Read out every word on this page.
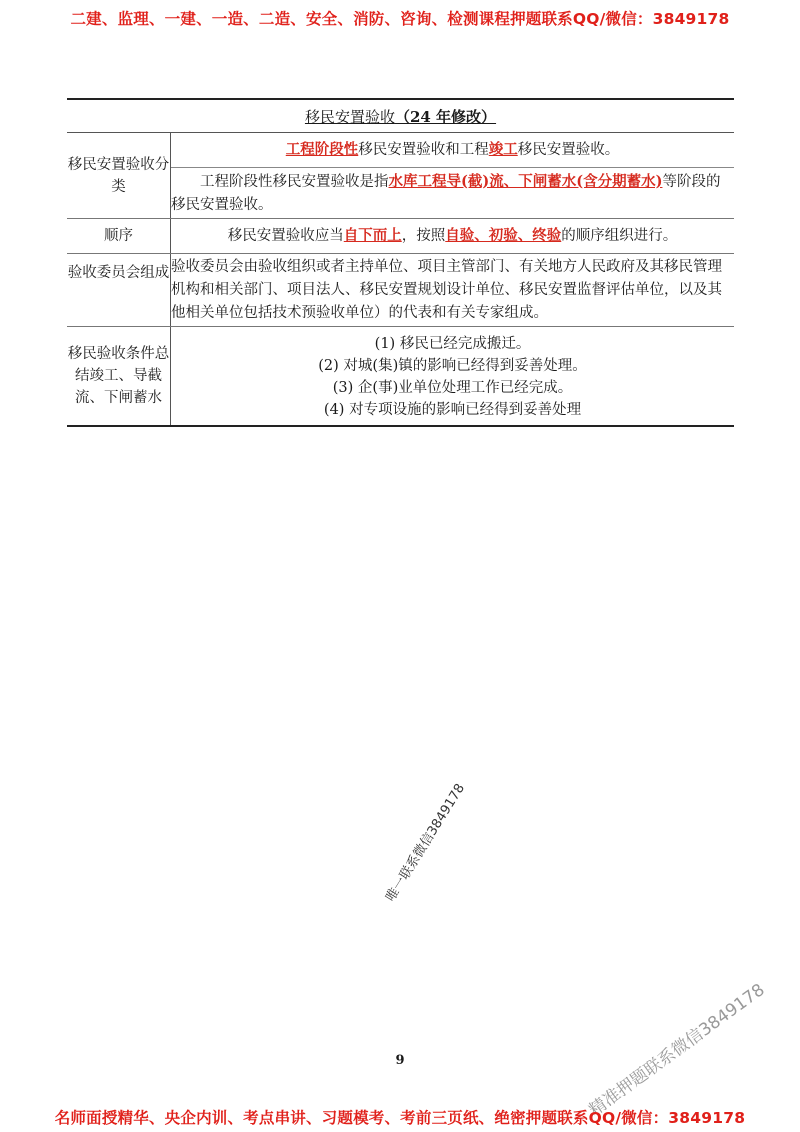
二建、监理、一建、一造、二造、安全、消防、咨询、检测课程押题联系QQ/微信：3849178
移民安置验收（24 年修改）	
移民安置验收分类	工程阶段性移民安置验收和工程竣工移民安置验收。

	工程阶段性移民安置验收是指水库工程导(截)流、下闸蓄水(含分期蓄水)等阶段的移民安置验收。

顺序	移民安置验收应当自下而上，按照自验、初验、终验的顺序组织进行。
验收委员会组成	验收委员会由验收组织或者主持单位、项目主管部门、有关地方人民政府及其移民管理机构和相关部门、项目法人、移民安置规划设计单位、移民安置监督评估单位，以及其他相关单位包括技术预验收单位）的代表和有关专家组成。
移民验收条件总结竣工、导截流、下闸蓄水	(1) 移民已经完成搬迁。
(2) 对城(集)镇的影响已经得到妥善处理。
(3) 企(事)业单位处理工作已经完成。
(4) 对专项设施的影响已经得到妥善处理
唯一联系微信3849178
精准押题联系微信3849178
9
名师面授精华、央企内训、考点串讲、习题模考、考前三页纸、绝密押题联系QQ/微信：3849178
